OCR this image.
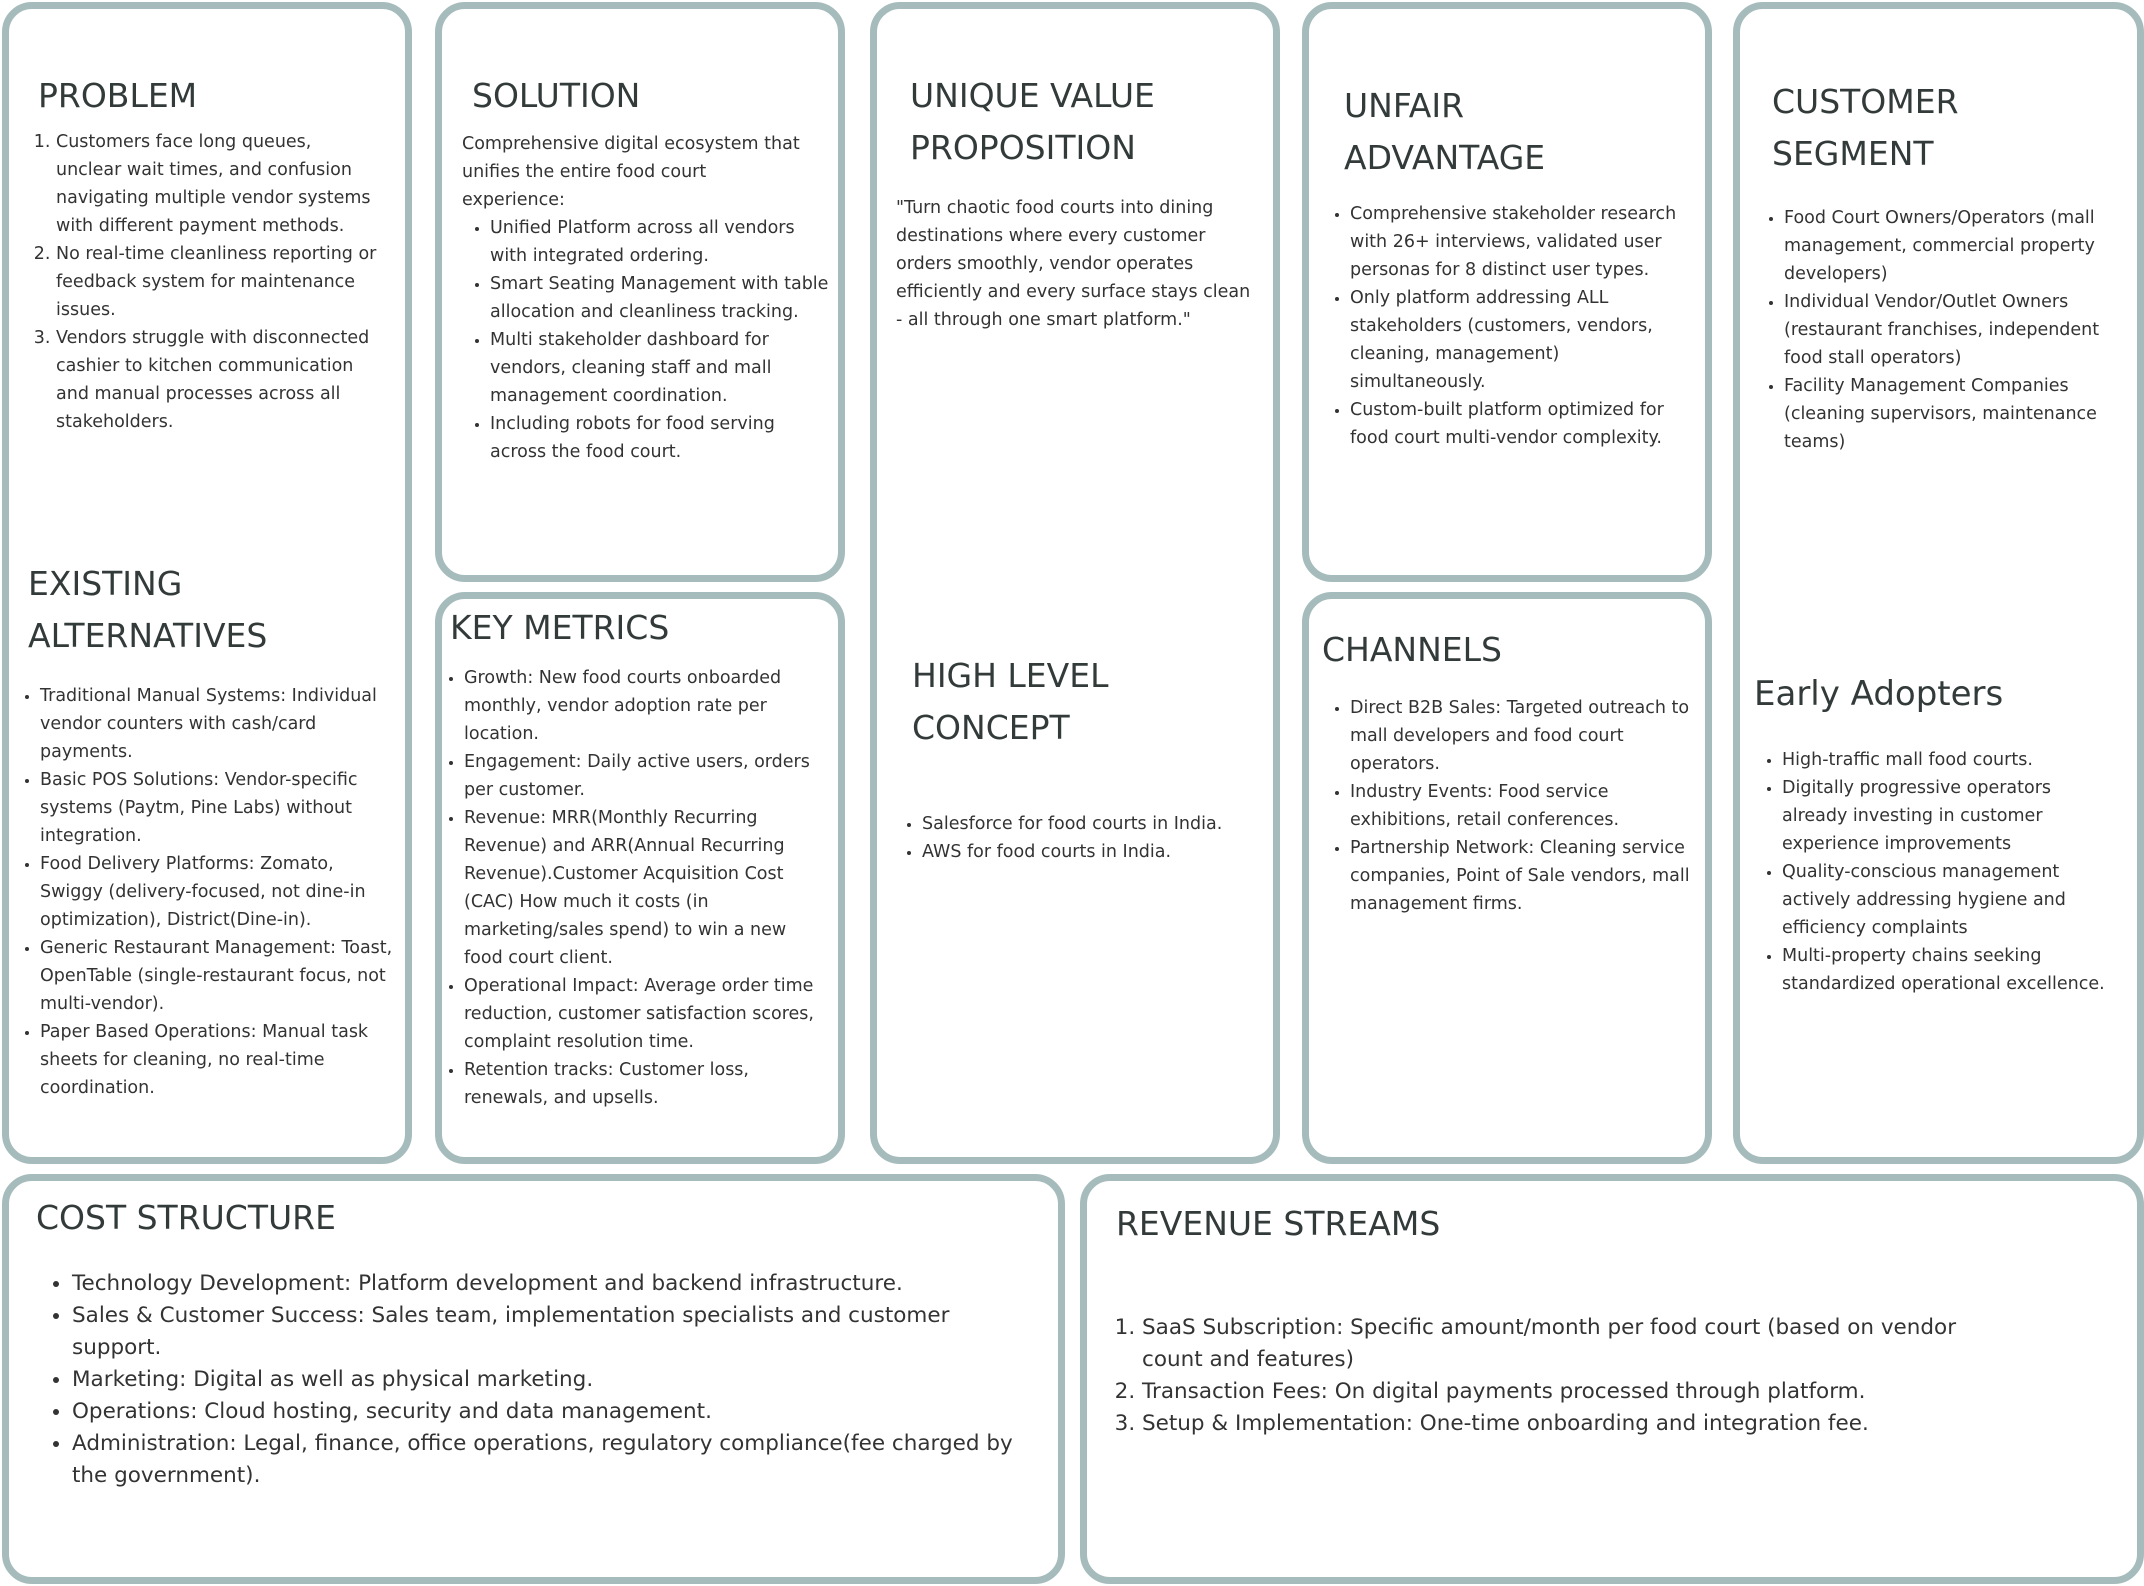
PROBLEM
1. Customers face long queues, unclear wait times, and confusion navigating multiple vendor systems with different payment methods.
2. No real-time cleanliness reporting or feedback system for maintenance issues.
3. Vendors struggle with disconnected cashier to kitchen communication and manual processes across all stakeholders.
EXISTING
ALTERNATIVES
• Traditional Manual Systems: Individual vendor counters with cash/card payments.
• Basic POS Solutions: Vendor-specific systems (Paytm, Pine Labs) without integration.
• Food Delivery Platforms: Zomato, Swiggy (delivery-focused, not dine-in optimization), District(Dine-in).
• Generic Restaurant Management: Toast, OpenTable (single-restaurant focus, not multi-vendor).
• Paper Based Operations: Manual task sheets for cleaning, no real-time coordination.
SOLUTION

Comprehensive digital ecosystem that unifies the entire food court experience:

• Unified Platform across all vendors with integrated ordering.
• Smart Seating Management with table allocation and cleanliness tracking.
• Multi stakeholder dashboard for vendors, cleaning staff and mall management coordination.
• Including robots for food serving across the food court.
KEY METRICS
• Growth: New food courts onboarded monthly, vendor adoption rate per location.
• Engagement: Daily active users, orders per customer.
• Revenue: MRR(Monthly Recurring Revenue) and ARR(Annual Recurring Revenue).Customer Acquisition Cost (CAC) How much it costs (in marketing/sales spend) to win a new food court client.
• Operational Impact: Average order time reduction, customer satisfaction scores, complaint resolution time.
• Retention tracks: Customer loss, renewals, and upsells.
UNIQUE VALUE
PROPOSITION

"Turn chaotic food courts into dining destinations where every customer orders smoothly, vendor operates efficiently and every surface stays clean - all through one smart platform."

HIGH LEVEL
CONCEPT
• Salesforce for food courts in India.
• AWS for food courts in India.
UNFAIR
ADVANTAGE
• Comprehensive stakeholder research with 26+ interviews, validated user personas for 8 distinct user types.
• Only platform addressing ALL stakeholders (customers, vendors, cleaning, management) simultaneously.
• Custom-built platform optimized for food court multi-vendor complexity.
CHANNELS
• Direct B2B Sales: Targeted outreach to mall developers and food court operators.
• Industry Events: Food service exhibitions, retail conferences.
• Partnership Network: Cleaning service companies, Point of Sale vendors, mall management firms.
CUSTOMER
SEGMENT
• Food Court Owners/Operators (mall management, commercial property developers)
• Individual Vendor/Outlet Owners (restaurant franchises, independent food stall operators)
• Facility Management Companies (cleaning supervisors, maintenance teams)
Early Adopters
• High-traffic mall food courts.
• Digitally progressive operators already investing in customer experience improvements
• Quality-conscious management actively addressing hygiene and efficiency complaints
• Multi-property chains seeking standardized operational excellence.
COST STRUCTURE
• Technology Development: Platform development and backend infrastructure.
• Sales & Customer Success: Sales team, implementation specialists and customer support.
• Marketing: Digital as well as physical marketing.
• Operations: Cloud hosting, security and data management.
• Administration: Legal, finance, office operations, regulatory compliance(fee charged by the government).
REVENUE STREAMS
1. SaaS Subscription: Specific amount/month per food court (based on vendor count and features)
2. Transaction Fees: On digital payments processed through platform.
3. Setup & Implementation: One-time onboarding and integration fee.
